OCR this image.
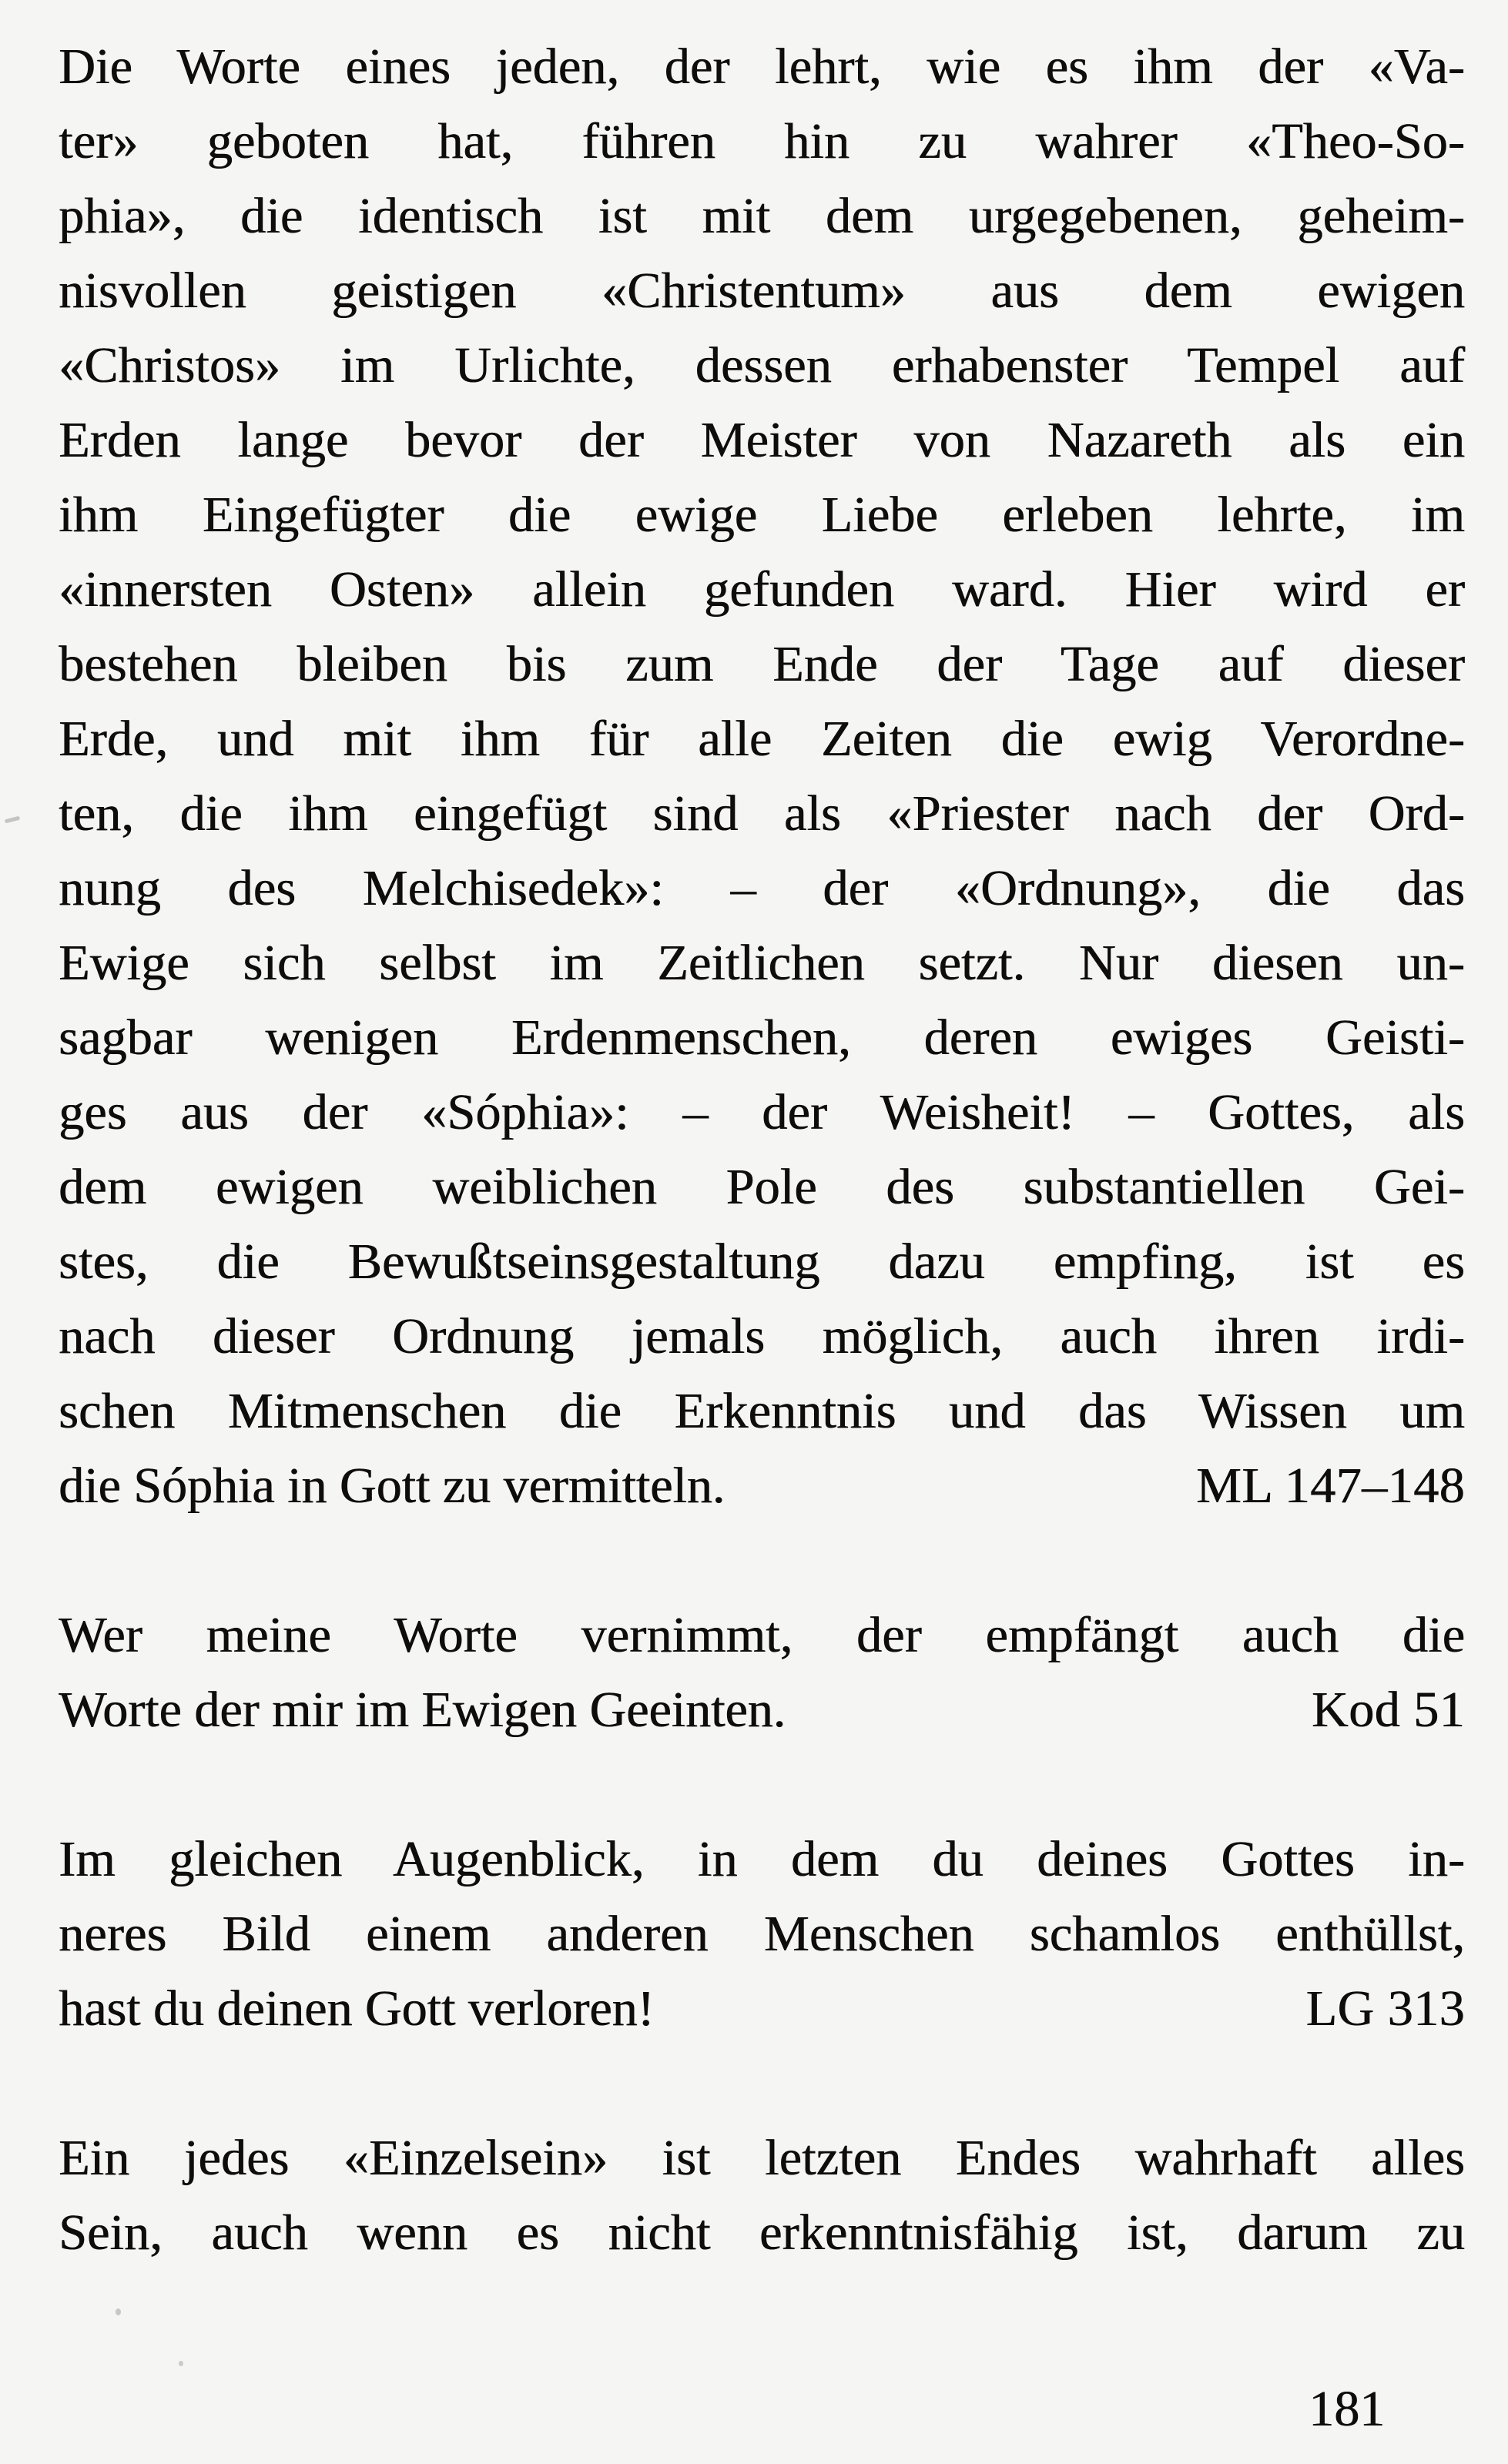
Die Worte eines jeden, der lehrt, wie es ihm der «Va-
ter» geboten hat, führen hin zu wahrer «Theo-So-
phia», die identisch ist mit dem urgegebenen, geheim-
nisvollen geistigen «Christentum» aus dem ewigen
«Christos» im Urlichte, dessen erhabenster Tempel auf
Erden lange bevor der Meister von Nazareth als ein
ihm Eingefügter die ewige Liebe erleben lehrte, im
«innersten Osten» allein gefunden ward. Hier wird er
bestehen bleiben bis zum Ende der Tage auf dieser
Erde, und mit ihm für alle Zeiten die ewig Verordne-
ten, die ihm eingefügt sind als «Priester nach der Ord-
nung des Melchisedek»: – der «Ordnung», die das
Ewige sich selbst im Zeitlichen setzt. Nur diesen un-
sagbar wenigen Erdenmenschen, deren ewiges Geisti-
ges aus der «Sóphia»: – der Weisheit! – Gottes, als
dem ewigen weiblichen Pole des substantiellen Gei-
stes, die Bewußtseinsgestaltung dazu empfing, ist es
nach dieser Ordnung jemals möglich, auch ihren irdi-
schen Mitmenschen die Erkenntnis und das Wissen um
die Sóphia in Gott zu vermitteln.	ML 147–148
Wer meine Worte vernimmt, der empfängt auch die
Worte der mir im Ewigen Geeinten.	Kod 51
Im gleichen Augenblick, in dem du deines Gottes in-
neres Bild einem anderen Menschen schamlos enthüllst,
hast du deinen Gott verloren!	LG 313
Ein jedes «Einzelsein» ist letzten Endes wahrhaft alles
Sein, auch wenn es nicht erkenntnisfähig ist, darum zu
181
